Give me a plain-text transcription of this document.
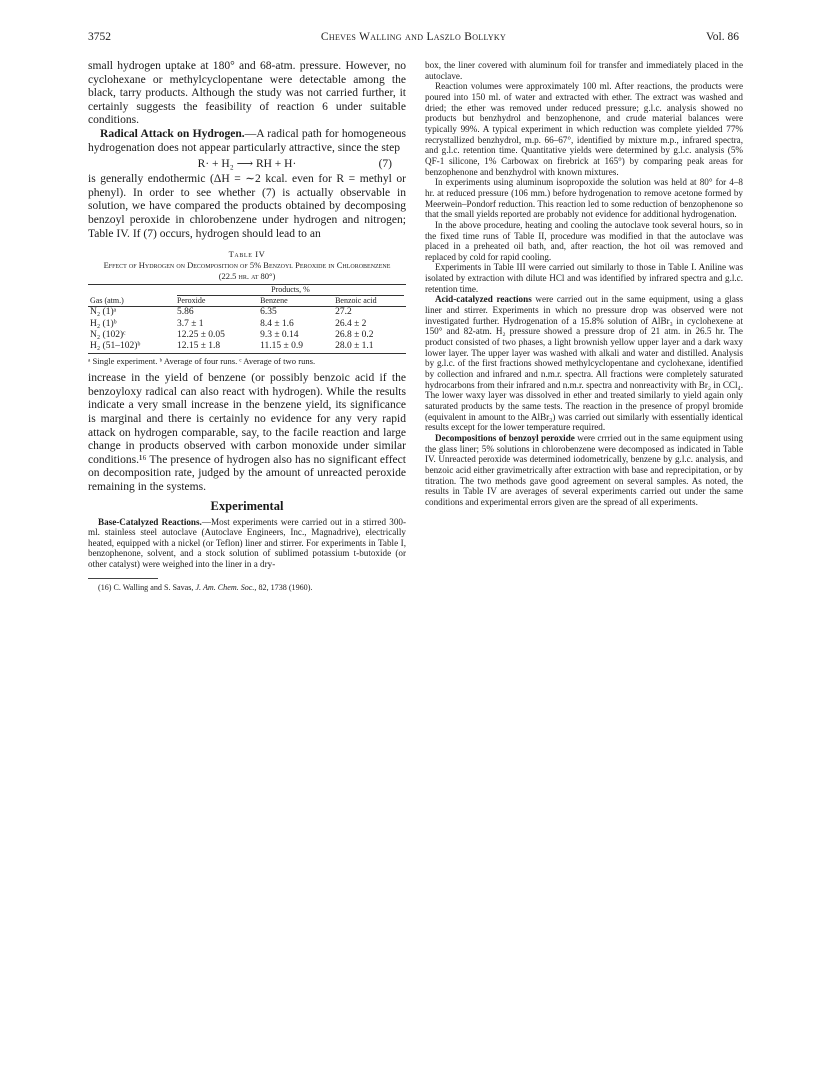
3752	Cheves Walling and Laszlo Bollyky	Vol. 86

small hydrogen uptake at 180° and 68-atm. pressure. However, no cyclohexane or methylcyclopentane were detectable among the black, tarry products. Although the study was not carried further, it certainly suggests the feasibility of reaction 6 under suitable conditions.

Radical Attack on Hydrogen.—A radical path for homogeneous hydrogenation does not appear particularly attractive, since the step

R· + H₂ ⟶ RH + H·	(7)

is generally endothermic (ΔH = ∼2 kcal. even for R = methyl or phenyl). In order to see whether (7) is actually observable in solution, we have compared the products obtained by decomposing benzoyl peroxide in chlorobenzene under hydrogen and nitrogen; Table IV. If (7) occurs, hydrogen should lead to an

Table IV
Effect of Hydrogen on Decomposition of 5% Benzoyl Peroxide in Chlorobenzene (22.5 hr. at 80°)

	Products, %		

Gas (atm.)	Peroxide	Benzene	Benzoic acid
N₂ (1)ᵃ	5.86	6.35	27.2
H₂ (1)ᵇ	3.7 ± 1	8.4 ± 1.6	26.4 ± 2
N₂ (102)ᶜ	12.25 ± 0.05	9.3 ± 0.14	26.8 ± 0.2
H₂ (51–102)ᵇ	12.15 ± 1.8	11.15 ± 0.9	28.0 ± 1.1
ᵃ Single experiment. ᵇ Average of four runs. ᶜ Average of two runs.

increase in the yield of benzene (or possibly benzoic acid if the benzoyloxy radical can also react with hydrogen). While the results indicate a very small increase in the benzene yield, its significance is marginal and there is certainly no evidence for any very rapid attack on hydrogen comparable, say, to the facile reaction and large change in products observed with carbon monoxide under similar conditions.¹⁶ The presence of hydrogen also has no significant effect on decomposition rate, judged by the amount of unreacted peroxide remaining in the systems.

Experimental

Base-Catalyzed Reactions.—Most experiments were carried out in a stirred 300-ml. stainless steel autoclave (Autoclave Engineers, Inc., Magnadrive), electrically heated, equipped with a nickel (or Teflon) liner and stirrer. For experiments in Table I, benzophenone, solvent, and a stock solution of sublimed potassium t-butoxide (or other catalyst) were weighed into the liner in a dry-

(16) C. Walling and S. Savas, J. Am. Chem. Soc., 82, 1738 (1960).

box, the liner covered with aluminum foil for transfer and immediately placed in the autoclave.

Reaction volumes were approximately 100 ml. After reactions, the products were poured into 150 ml. of water and extracted with ether. The extract was washed and dried; the ether was removed under reduced pressure; g.l.c. analysis showed no products but benzhydrol and benzophenone, and crude material balances were typically 99%. A typical experiment in which reduction was complete yielded 77% recrystallized benzhydrol, m.p. 66–67°, identified by mixture m.p., infrared spectra, and g.l.c. retention time. Quantitative yields were determined by g.l.c. analysis (5% QF-1 silicone, 1% Carbowax on firebrick at 165°) by comparing peak areas for benzophenone and benzhydrol with known mixtures.

In experiments using aluminum isopropoxide the solution was held at 80° for 4–8 hr. at reduced pressure (106 mm.) before hydrogenation to remove acetone formed by Meerwein–Pondorf reduction. This reaction led to some reduction of benzophenone so that the small yields reported are probably not evidence for additional hydrogenation.

In the above procedure, heating and cooling the autoclave took several hours, so in the fixed time runs of Table II, procedure was modified in that the autoclave was placed in a preheated oil bath, and, after reaction, the hot oil was removed and replaced by cold for rapid cooling.

Experiments in Table III were carried out similarly to those in Table I. Aniline was isolated by extraction with dilute HCl and was identified by infrared spectra and g.l.c. retention time.

Acid-catalyzed reactions were carried out in the same equipment, using a glass liner and stirrer. Experiments in which no pressure drop was observed were not investigated further. Hydrogenation of a 15.8% solution of AlBr₃ in cyclohexene at 150° and 82-atm. H₂ pressure showed a pressure drop of 21 atm. in 26.5 hr. The product consisted of two phases, a light brownish yellow upper layer and a dark waxy lower layer. The upper layer was washed with alkali and water and distilled. Analysis by g.l.c. of the first fractions showed methylcyclopentane and cyclohexane, identified by collection and infrared and n.m.r. spectra. All fractions were completely saturated hydrocarbons from their infrared and n.m.r. spectra and nonreactivity with Br₂ in CCl₄. The lower waxy layer was dissolved in ether and treated similarly to yield again only saturated products by the same tests. The reaction in the presence of propyl bromide (equivalent in amount to the AlBr₃) was carried out similarly with essentially identical results except for the lower temperature required.

Decompositions of benzoyl peroxide were crrried out in the same equipment using the glass liner; 5% solutions in chlorobenzene were decomposed as indicated in Table IV. Unreacted peroxide was determined iodometrically, benzene by g.l.c. analysis, and benzoic acid either gravimetrically after extraction with base and reprecipitation, or by titration. The two methods gave good agreement on several samples. As noted, the results in Table IV are averages of several experiments carried out under the same conditions and experimental errors given are the spread of all experiments.
